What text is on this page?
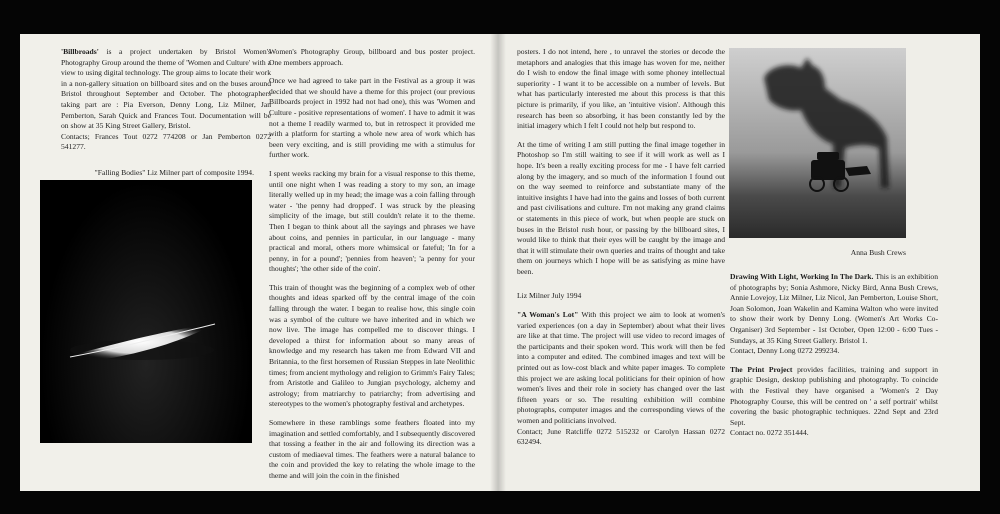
'Billbroads' is a project undertaken by Bristol Women's Photography Group around the theme of 'Women and Culture' with a view to using digital technology. The group aims to locate their work in a non-gallery situation on billboard sites and on the buses around Bristol throughout September and October. The photographers taking part are : Pia Everson, Denny Long, Liz Milner, Jan Pemberton, Sarah Quick and Frances Tout. Documentation will be on show at 35 King Street Gallery, Bristol.
Contacts; Frances Tout 0272 774208 or Jan Pemberton 0272 541277.

"Falling Bodies" Liz Milner part of composite 1994.

Women's Photography Group, billboard and bus poster project. One members approach.

Once we had agreed to take part in the Festival as a group it was decided that we should have a theme for this project (our previous Billboards project in 1992 had not had one), this was 'Women and Culture - positive representations of women'. I have to admit it was not a theme I readily warmed to, but in retrospect it provided me with a platform for starting a whole new area of work which has been very exciting, and is still providing me with a stimulus for further work.

I spent weeks racking my brain for a visual response to this theme, until one night when I was reading a story to my son, an image literally welled up in my head; the image was a coin falling through water - 'the penny had dropped'. I was struck by the pleasing simplicity of the image, but still couldn't relate it to the theme. Then I began to think about all the sayings and phrases we have about coins, and pennies in particular, in our language - many practical and moral, others more whimsical or fateful; 'In for a penny, in for a pound'; 'pennies from heaven'; 'a penny for your thoughts'; 'the other side of the coin'.

This train of thought was the beginning of a complex web of other thoughts and ideas sparked off by the central image of the coin falling through the water. I began to realise how, this single coin was a symbol of the culture we have inherited and in which we now live. The image has compelled me to discover things. I developed a thirst for information about so many areas of knowledge and my research has taken me from Edward VII and Britannia, to the first horsemen of Russian Steppes in late Neolithic times; from ancient mythology and religion to Grimm's Fairy Tales; from Aristotle and Galileo to Jungian psychology, alchemy and astrology; from matriarchy to patriarchy; from advertising and stereotypes to the women's photography festival and archetypes.

Somewhere in these ramblings some feathers floated into my imagination and settled comfortably, and I subsequently discovered that tossing a feather in the air and following its direction was a custom of mediaeval times. The feathers were a natural balance to the coin and provided the key to relating the whole image to the theme and will join the coin in the finished

posters. I do not intend, here , to unravel the stories or decode the metaphors and analogies that this image has woven for me, neither do I wish to endow the final image with some phoney intellectual superiority - I want it to be accessible on a number of levels. But what has particularly interested me about this process is that this picture is primarily, if you like, an 'intuitive vision'. Although this research has been so absorbing, it has been constantly led by the initial imagery which I felt I could not help but respond to.

At the time of writing I am still putting the final image together in Photoshop so I'm still waiting to see if it will work as well as I hope. It's been a really exciting process for me - I have felt carried along by the imagery, and so much of the information I found out on the way seemed to reinforce and substantiate many of the intuitive insights I have had into the gains and losses of both current and past civilisations and culture. I'm not making any grand claims or statements in this piece of work, but when people are stuck on buses in the Bristol rush hour, or passing by the billboard sites, I would like to think that their eyes will be caught by the image and that it will stimulate their own queries and trains of thought and take them on journeys which I hope will be as satisfying as mine have been.

Liz Milner July 1994

"A Woman's Lot" With this project we aim to look at women's varied experiences (on a day in September) about what their lives are like at that time. The project will use video to record images of the participants and their spoken word. This work will then be fed into a computer and edited. The combined images and text will be printed out as low-cost black and white paper images. To complete this project we are asking local politicians for their opinion of how women's lives and their role in society has changed over the last fifteen years or so. The resulting exhibition will combine photographs, computer images and the corresponding views of the women and politicians involved.
Contact; June Ratcliffe 0272 515232 or Carolyn Hassan 0272 632494.

Anna Bush Crews

Drawing With Light, Working In The Dark. This is an exhibition of photographs by; Sonia Ashmore, Nicky Bird, Anna Bush Crews, Annie Lovejoy, Liz Milner, Liz Nicol, Jan Pemberton, Louise Short, Joan Solomon, Joan Wakelin and Kamina Walton who were invited to show their work by Denny Long. (Women's Art Works Co-Organiser) 3rd September - 1st October, Open 12:00 - 6:00 Tues - Sundays, at 35 King Street Gallery. Bristol 1.
Contact, Denny Long 0272 299234.

The Print Project provides facilities, training and support in graphic Design, desktop publishing and photography. To coincide with the Festival they have organised a 'Women's 2 Day Photography Course, this will be centred on ' a self portrait' whilst covering the basic photographic techniques. 22nd Sept and 23rd Sept.
Contact no. 0272 351444.
